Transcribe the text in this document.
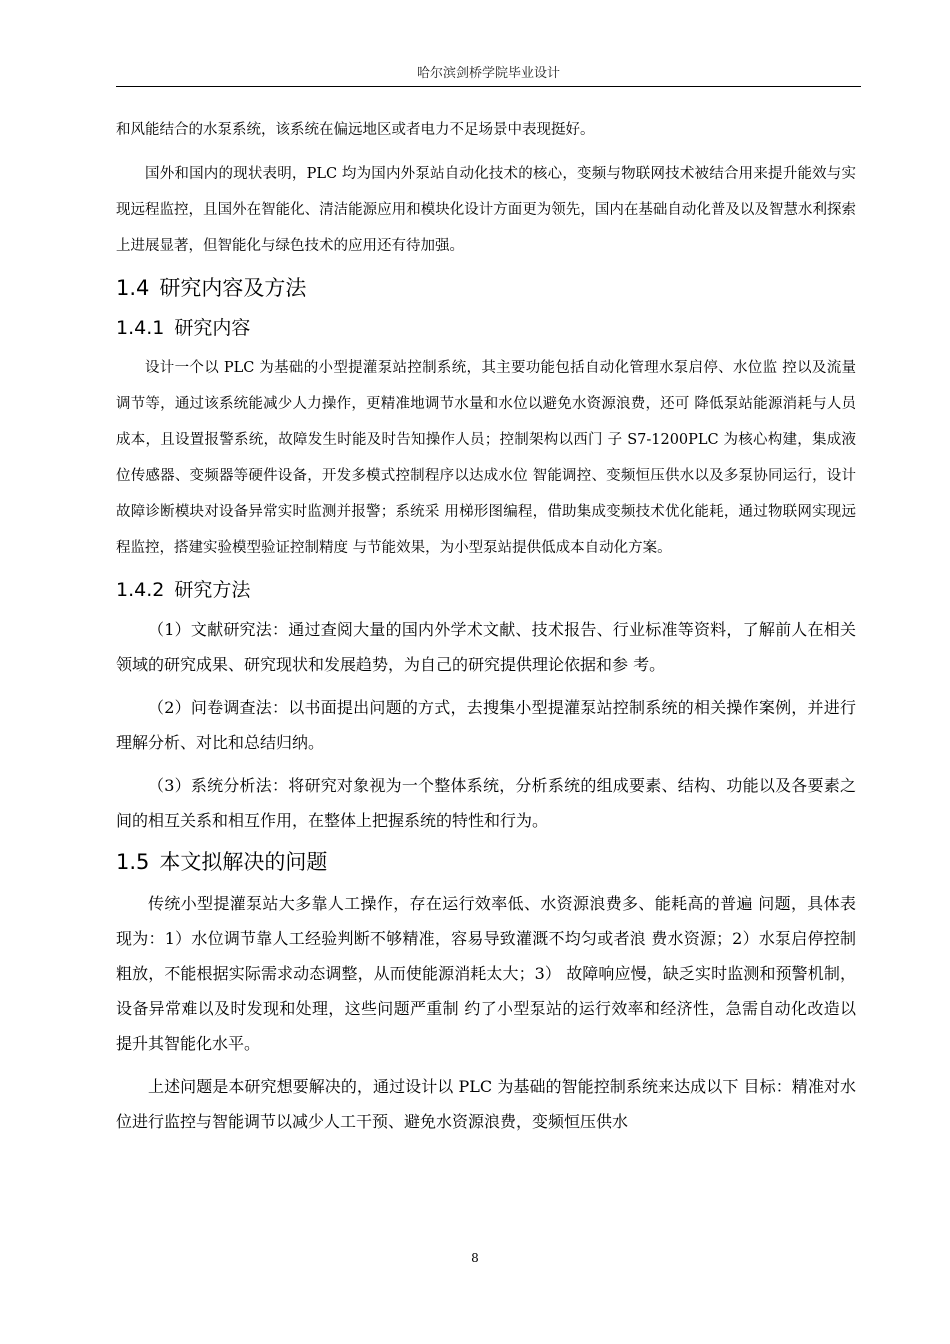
哈尔滨剑桥学院毕业设计

和风能结合的水泵系统，该系统在偏远地区或者电力不足场景中表现挺好。

国外和国内的现状表明，PLC 均为国内外泵站自动化技术的核心，变频与物联网技术被结合用来提升能效与实现远程监控，且国外在智能化、清洁能源应用和模块化设计方面更为领先，国内在基础自动化普及以及智慧水利探索上进展显著，但智能化与绿色技术的应用还有待加强。

1.4 研究内容及方法
1.4.1 研究内容

设计一个以 PLC 为基础的小型提灌泵站控制系统，其主要功能包括自动化管理水泵启停、水位监 控以及流量调节等，通过该系统能减少人力操作，更精准地调节水量和水位以避免水资源浪费，还可 降低泵站能源消耗与人员成本，且设置报警系统，故障发生时能及时告知操作人员；控制架构以西门 子 S7-1200PLC 为核心构建，集成液位传感器、变频器等硬件设备，开发多模式控制程序以达成水位 智能调控、变频恒压供水以及多泵协同运行，设计故障诊断模块对设备异常实时监测并报警；系统采 用梯形图编程，借助集成变频技术优化能耗，通过物联网实现远程监控，搭建实验模型验证控制精度 与节能效果，为小型泵站提供低成本自动化方案。

1.4.2 研究方法

（1）文献研究法：通过查阅大量的国内外学术文献、技术报告、行业标准等资料，了解前人在相关领域的研究成果、研究现状和发展趋势，为自己的研究提供理论依据和参 考。

（2）问卷调查法：以书面提出问题的方式，去搜集小型提灌泵站控制系统的相关操作案例，并进行理解分析、对比和总结归纳。

（3）系统分析法：将研究对象视为一个整体系统，分析系统的组成要素、结构、功能以及各要素之间的相互关系和相互作用，在整体上把握系统的特性和行为。

1.5 本文拟解决的问题

传统小型提灌泵站大多靠人工操作，存在运行效率低、水资源浪费多、能耗高的普遍 问题，具体表现为：1）水位调节靠人工经验判断不够精准，容易导致灌溉不均匀或者浪 费水资源；2）水泵启停控制粗放，不能根据实际需求动态调整，从而使能源消耗太大；3） 故障响应慢，缺乏实时监测和预警机制，设备异常难以及时发现和处理，这些问题严重制 约了小型泵站的运行效率和经济性，急需自动化改造以提升其智能化水平。

上述问题是本研究想要解决的，通过设计以 PLC 为基础的智能控制系统来达成以下 目标：精准对水位进行监控与智能调节以减少人工干预、避免水资源浪费，变频恒压供水

8
